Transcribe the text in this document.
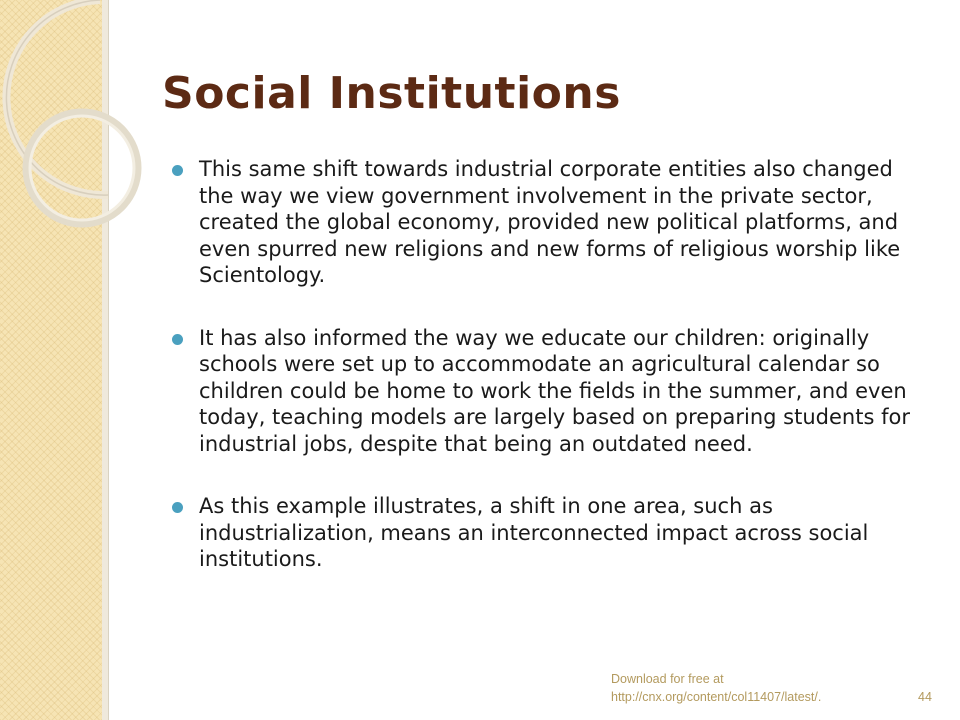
Social Institutions
This same shift towards industrial corporate entities also changed the way we view government involvement in the private sector, created the global economy, provided new political platforms, and even spurred new religions and new forms of religious worship like Scientology.
It has also informed the way we educate our children: originally schools were set up to accommodate an agricultural calendar so children could be home to work the fields in the summer, and even today, teaching models are largely based on preparing students for industrial jobs, despite that being an outdated need.
As this example illustrates, a shift in one area, such as industrialization, means an interconnected impact across social institutions.
Download for free at
http://cnx.org/content/col11407/latest/.	44
